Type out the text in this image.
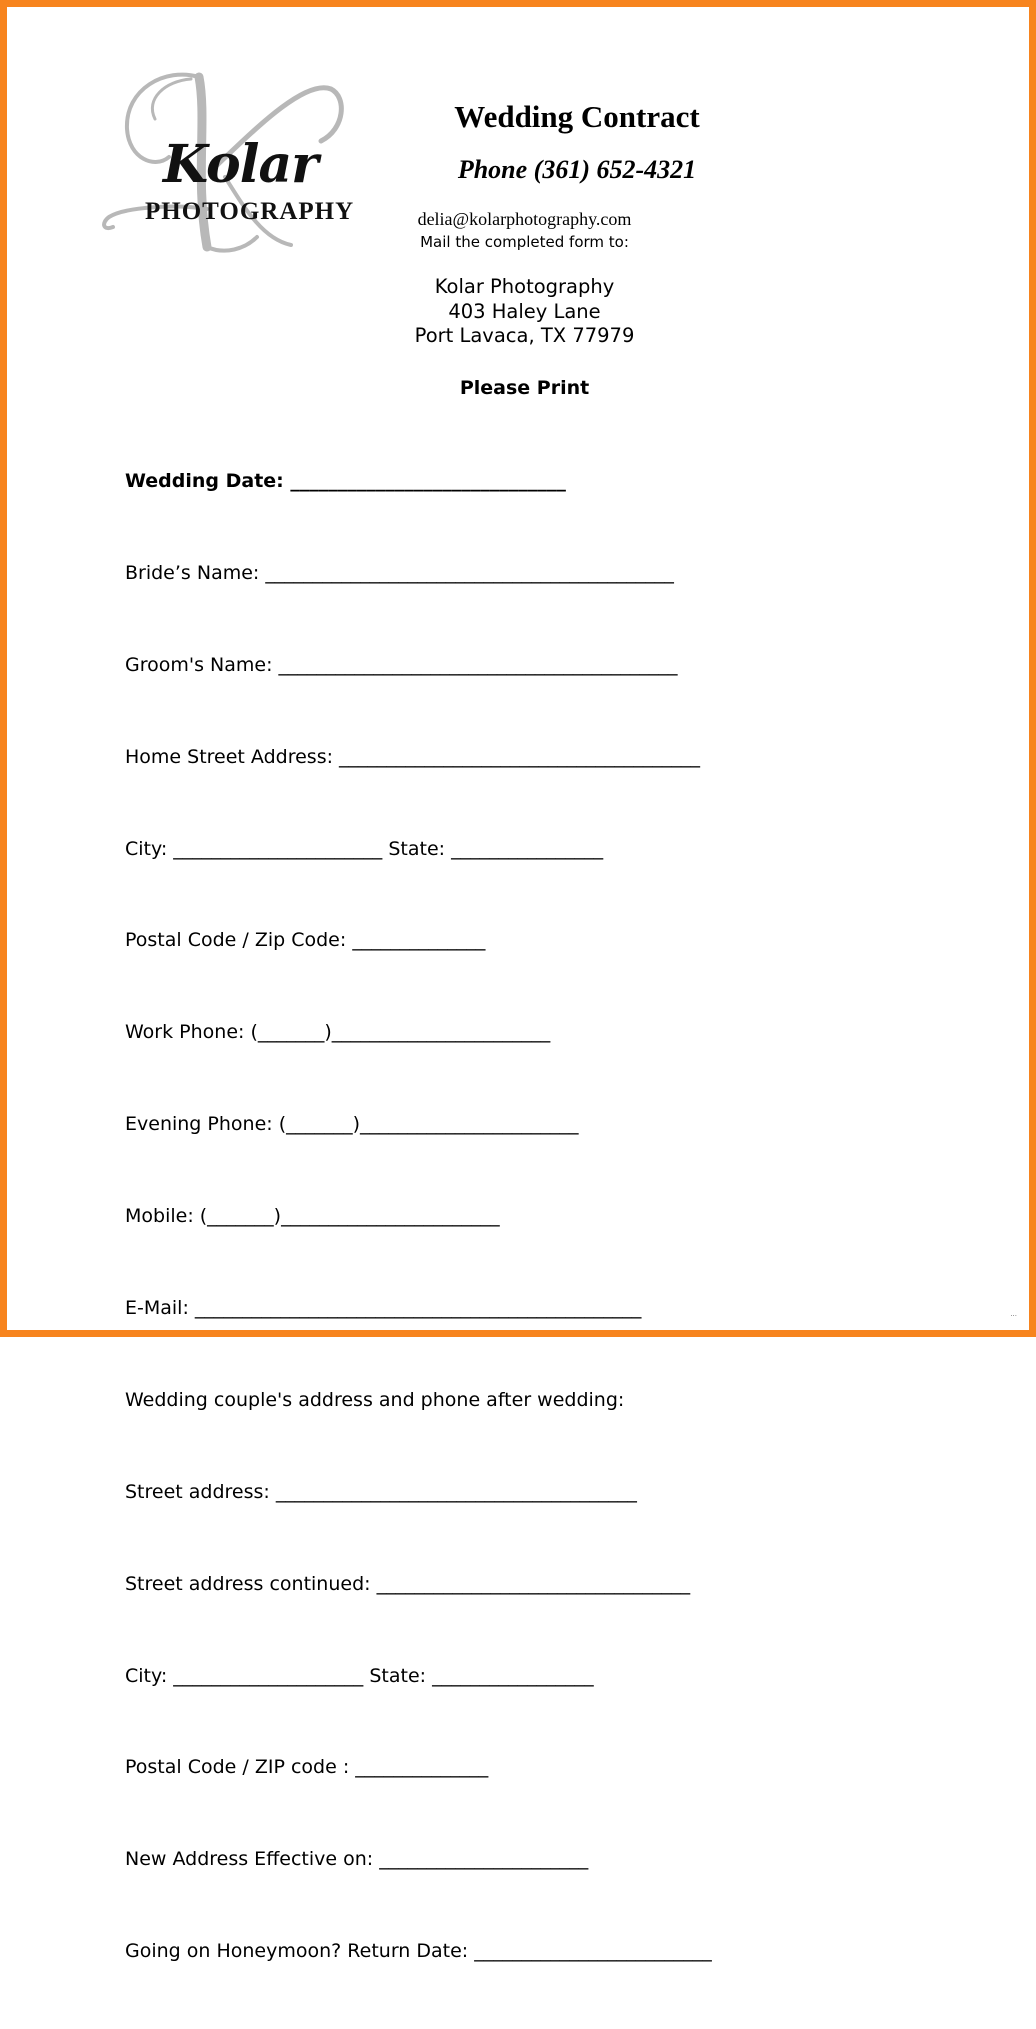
Kolar
PHOTOGRAPHY
Wedding Contract
Phone (361) 652-4321
delia@kolarphotography.com
Mail the completed form to:
Kolar Photography
403 Haley Lane
Port Lavaca, TX 77979
Please Print

Wedding Date: _____________________________

Bride’s Name: ___________________________________________

Groom's Name: __________________________________________

Home Street Address: ______________________________________

City: ______________________ State: ________________

Postal Code / Zip Code: ______________

Work Phone: (_______)_______________________

Evening Phone: (_______)_______________________

Mobile: (_______)_______________________

E-Mail: _______________________________________________

Wedding couple's address and phone after wedding:

Street address: ______________________________________

Street address continued: _________________________________

City: ____________________ State: _________________

Postal Code / ZIP code : ______________

New Address Effective on: ______________________

Going on Honeymoon? Return Date: _________________________

...
